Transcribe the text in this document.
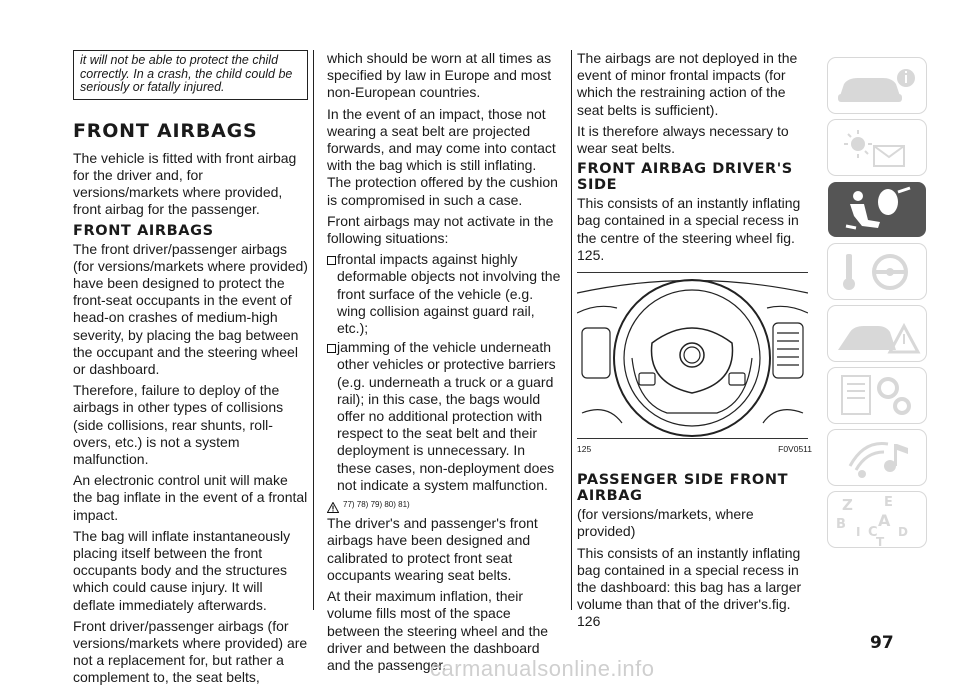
it will not be able to protect the child correctly. In a crash, the child could be seriously or fatally injured.
FRONT AIRBAGS

The vehicle is fitted with front airbag for the driver and, for versions/markets where provided, front airbag for the passenger.

FRONT AIRBAGS

The front driver/passenger airbags (for versions/markets where provided) have been designed to protect the front-seat occupants in the event of head-on crashes of medium-high severity, by placing the bag between the occupant and the steering wheel or dashboard.

Therefore, failure to deploy of the airbags in other types of collisions (side collisions, rear shunts, roll-overs, etc.) is not a system malfunction.

An electronic control unit will make the bag inflate in the event of a frontal impact.

The bag will inflate instantaneously placing itself between the front occupants body and the structures which could cause injury. It will deflate immediately afterwards.

Front driver/passenger airbags (for versions/markets where provided) are not a replacement for, but rather a complement to, the seat belts,

which should be worn at all times as specified by law in Europe and most non-European countries.

In the event of an impact, those not wearing a seat belt are projected forwards, and may come into contact with the bag which is still inflating. The protection offered by the cushion is compromised in such a case.

Front airbags may not activate in the following situations:

frontal impacts against highly deformable objects not involving the front surface of the vehicle (e.g. wing collision against guard rail, etc.);
jamming of the vehicle underneath other vehicles or protective barriers (e.g. underneath a truck or a guard rail); in this case, the bags would offer no additional protection with respect to the seat belt and their deployment is unnecessary. In these cases, non-deployment does not indicate a system malfunction.
77) 78) 79) 80) 81)

The driver's and passenger's front airbags have been designed and calibrated to protect front seat occupants wearing seat belts.

At their maximum inflation, their volume fills most of the space between the steering wheel and the driver and between the dashboard and the passenger.

The airbags are not deployed in the event of minor frontal impacts (for which the restraining action of the seat belts is sufficient).

It is therefore always necessary to wear seat belts.

FRONT AIRBAG DRIVER'S SIDE

This consists of an instantly inflating bag contained in a special recess in the centre of the steering wheel fig. 125.

125	F0V0511
PASSENGER SIDE FRONT AIRBAG

(for versions/markets, where provided)

This consists of an instantly inflating bag contained in a special recess in the dashboard: this bag has a larger volume than that of the driver's.fig. 126

Z E
B A
I C D
T
97
carmanualsonline.info
